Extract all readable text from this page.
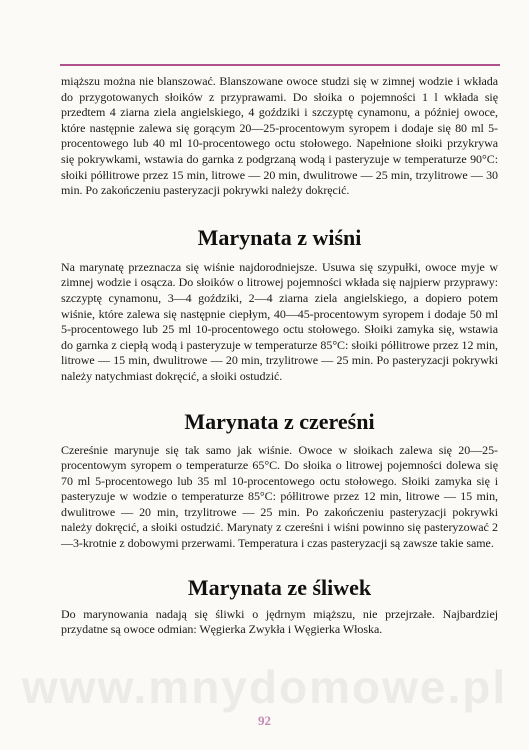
miąższu można nie blanszować. Blanszowane owoce studzi się w zimnej wodzie i wkłada do przygotowanych słoików z przyprawami. Do słoika o pojemności 1 l wkłada się przedtem 4 ziarna ziela angielskiego, 4 goździki i szczyptę cynamonu, a później owoce, które następnie zalewa się gorącym 20—25-procentowym syropem i dodaje się 80 ml 5-procentowego lub 40 ml 10-procentowego octu stołowego. Napełnione słoiki przykrywa się pokrywkami, wstawia do garnka z podgrzaną wodą i pasteryzuje w temperaturze 90°C: słoiki półlitrowe przez 15 min, litrowe — 20 min, dwulitrowe — 25 min, trzylitrowe — 30 min. Po zakończeniu pasteryzacji pokrywki należy dokręcić.

Marynata z wiśni

Na marynatę przeznacza się wiśnie najdorodniejsze. Usuwa się szypułki, owoce myje w zimnej wodzie i osącza. Do słoików o litrowej pojemności wkłada się najpierw przyprawy: szczyptę cynamonu, 3—4 goździki, 2—4 ziarna ziela angielskiego, a dopiero potem wiśnie, które zalewa się następnie ciepłym, 40—45-procentowym syropem i dodaje 50 ml 5-procentowego lub 25 ml 10-procentowego octu stołowego. Słoiki zamyka się, wstawia do garnka z ciepłą wodą i pasteryzuje w temperaturze 85°C: słoiki półlitrowe przez 12 min, litrowe — 15 min, dwulitrowe — 20 min, trzylitrowe — 25 min. Po pasteryzacji pokrywki należy natychmiast dokręcić, a słoiki ostudzić.

Marynata z czereśni

Czereśnie marynuje się tak samo jak wiśnie. Owoce w słoikach zalewa się 20—25-procentowym syropem o temperaturze 65°C. Do słoika o litrowej pojemności dolewa się 70 ml 5-procentowego lub 35 ml 10-procentowego octu stołowego. Słoiki zamyka się i pasteryzuje w wodzie o temperaturze 85°C: półlitrowe przez 12 min, litrowe — 15 min, dwulitrowe — 20 min, trzylitrowe — 25 min. Po zakończeniu pasteryzacji pokrywki należy dokręcić, a słoiki ostudzić. Marynaty z czereśni i wiśni powinno się pasteryzować 2—3-krotnie z dobowymi przerwami. Temperatura i czas pasteryzacji są zawsze takie same.

Marynata ze śliwek

Do marynowania nadają się śliwki o jędrnym miąższu, nie przejrzałe. Najbardziej przydatne są owoce odmian: Węgierka Zwykła i Węgierka Włoska.

www.mnydomowe.pl
92
